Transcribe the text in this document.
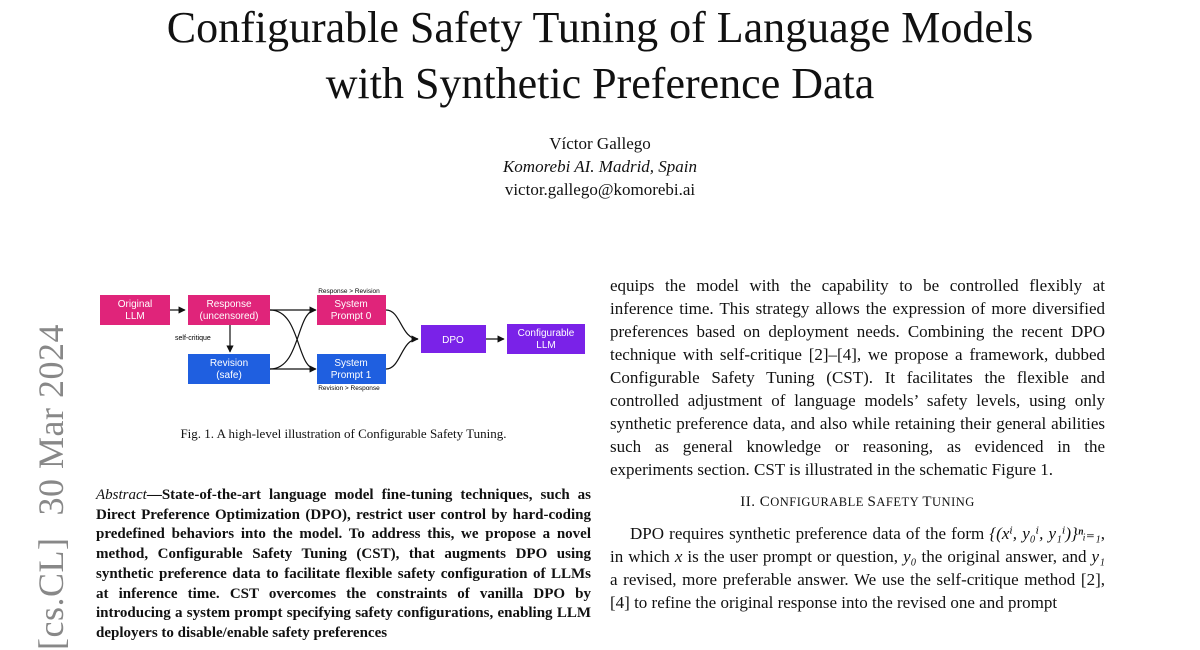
Configurable Safety Tuning of Language Models
with Synthetic Preference Data
Víctor Gallego
Komorebi AI. Madrid, Spain
victor.gallego@komorebi.ai
[cs.CL]30 Mar 2024
Response > Revision
Revision > Response
self-critique
Original
LLM
Response
(uncensored)
Revision
(safe)
System
Prompt 0
System
Prompt 1
DPO
Configurable
LLM
Fig. 1. A high-level illustration of Configurable Safety Tuning.
Abstract—State-of-the-art language model fine-tuning techniques, such as Direct Preference Optimization (DPO), restrict user control by hard-coding predefined behaviors into the model. To address this, we propose a novel method, Configurable Safety Tuning (CST), that augments DPO using synthetic preference data to facilitate flexible safety configuration of LLMs at inference time. CST overcomes the constraints of vanilla DPO by introducing a system prompt specifying safety configurations, enabling LLM deployers to disable/enable safety preferences

equips the model with the capability to be controlled flexibly at inference time. This strategy allows the expression of more diversified preferences based on deployment needs. Combining the recent DPO technique with self-critique [2]–[4], we propose a framework, dubbed Configurable Safety Tuning (CST). It facilitates the flexible and controlled adjustment of language models’ safety levels, using only synthetic preference data, and also while retaining their general abilities such as general knowledge or reasoning, as evidenced in the experiments section. CST is illustrated in the schematic Figure 1.

II. CONFIGURABLE SAFETY TUNING

DPO requires synthetic preference data of the form {(xⁱ, y₀ⁱ, y₁ⁱ)}ⁿᵢ₌₁, in which x is the user prompt or question, y₀ the original answer, and y₁ a revised, more preferable answer. We use the self-critique method [2], [4] to refine the original response into the revised one and prompt
